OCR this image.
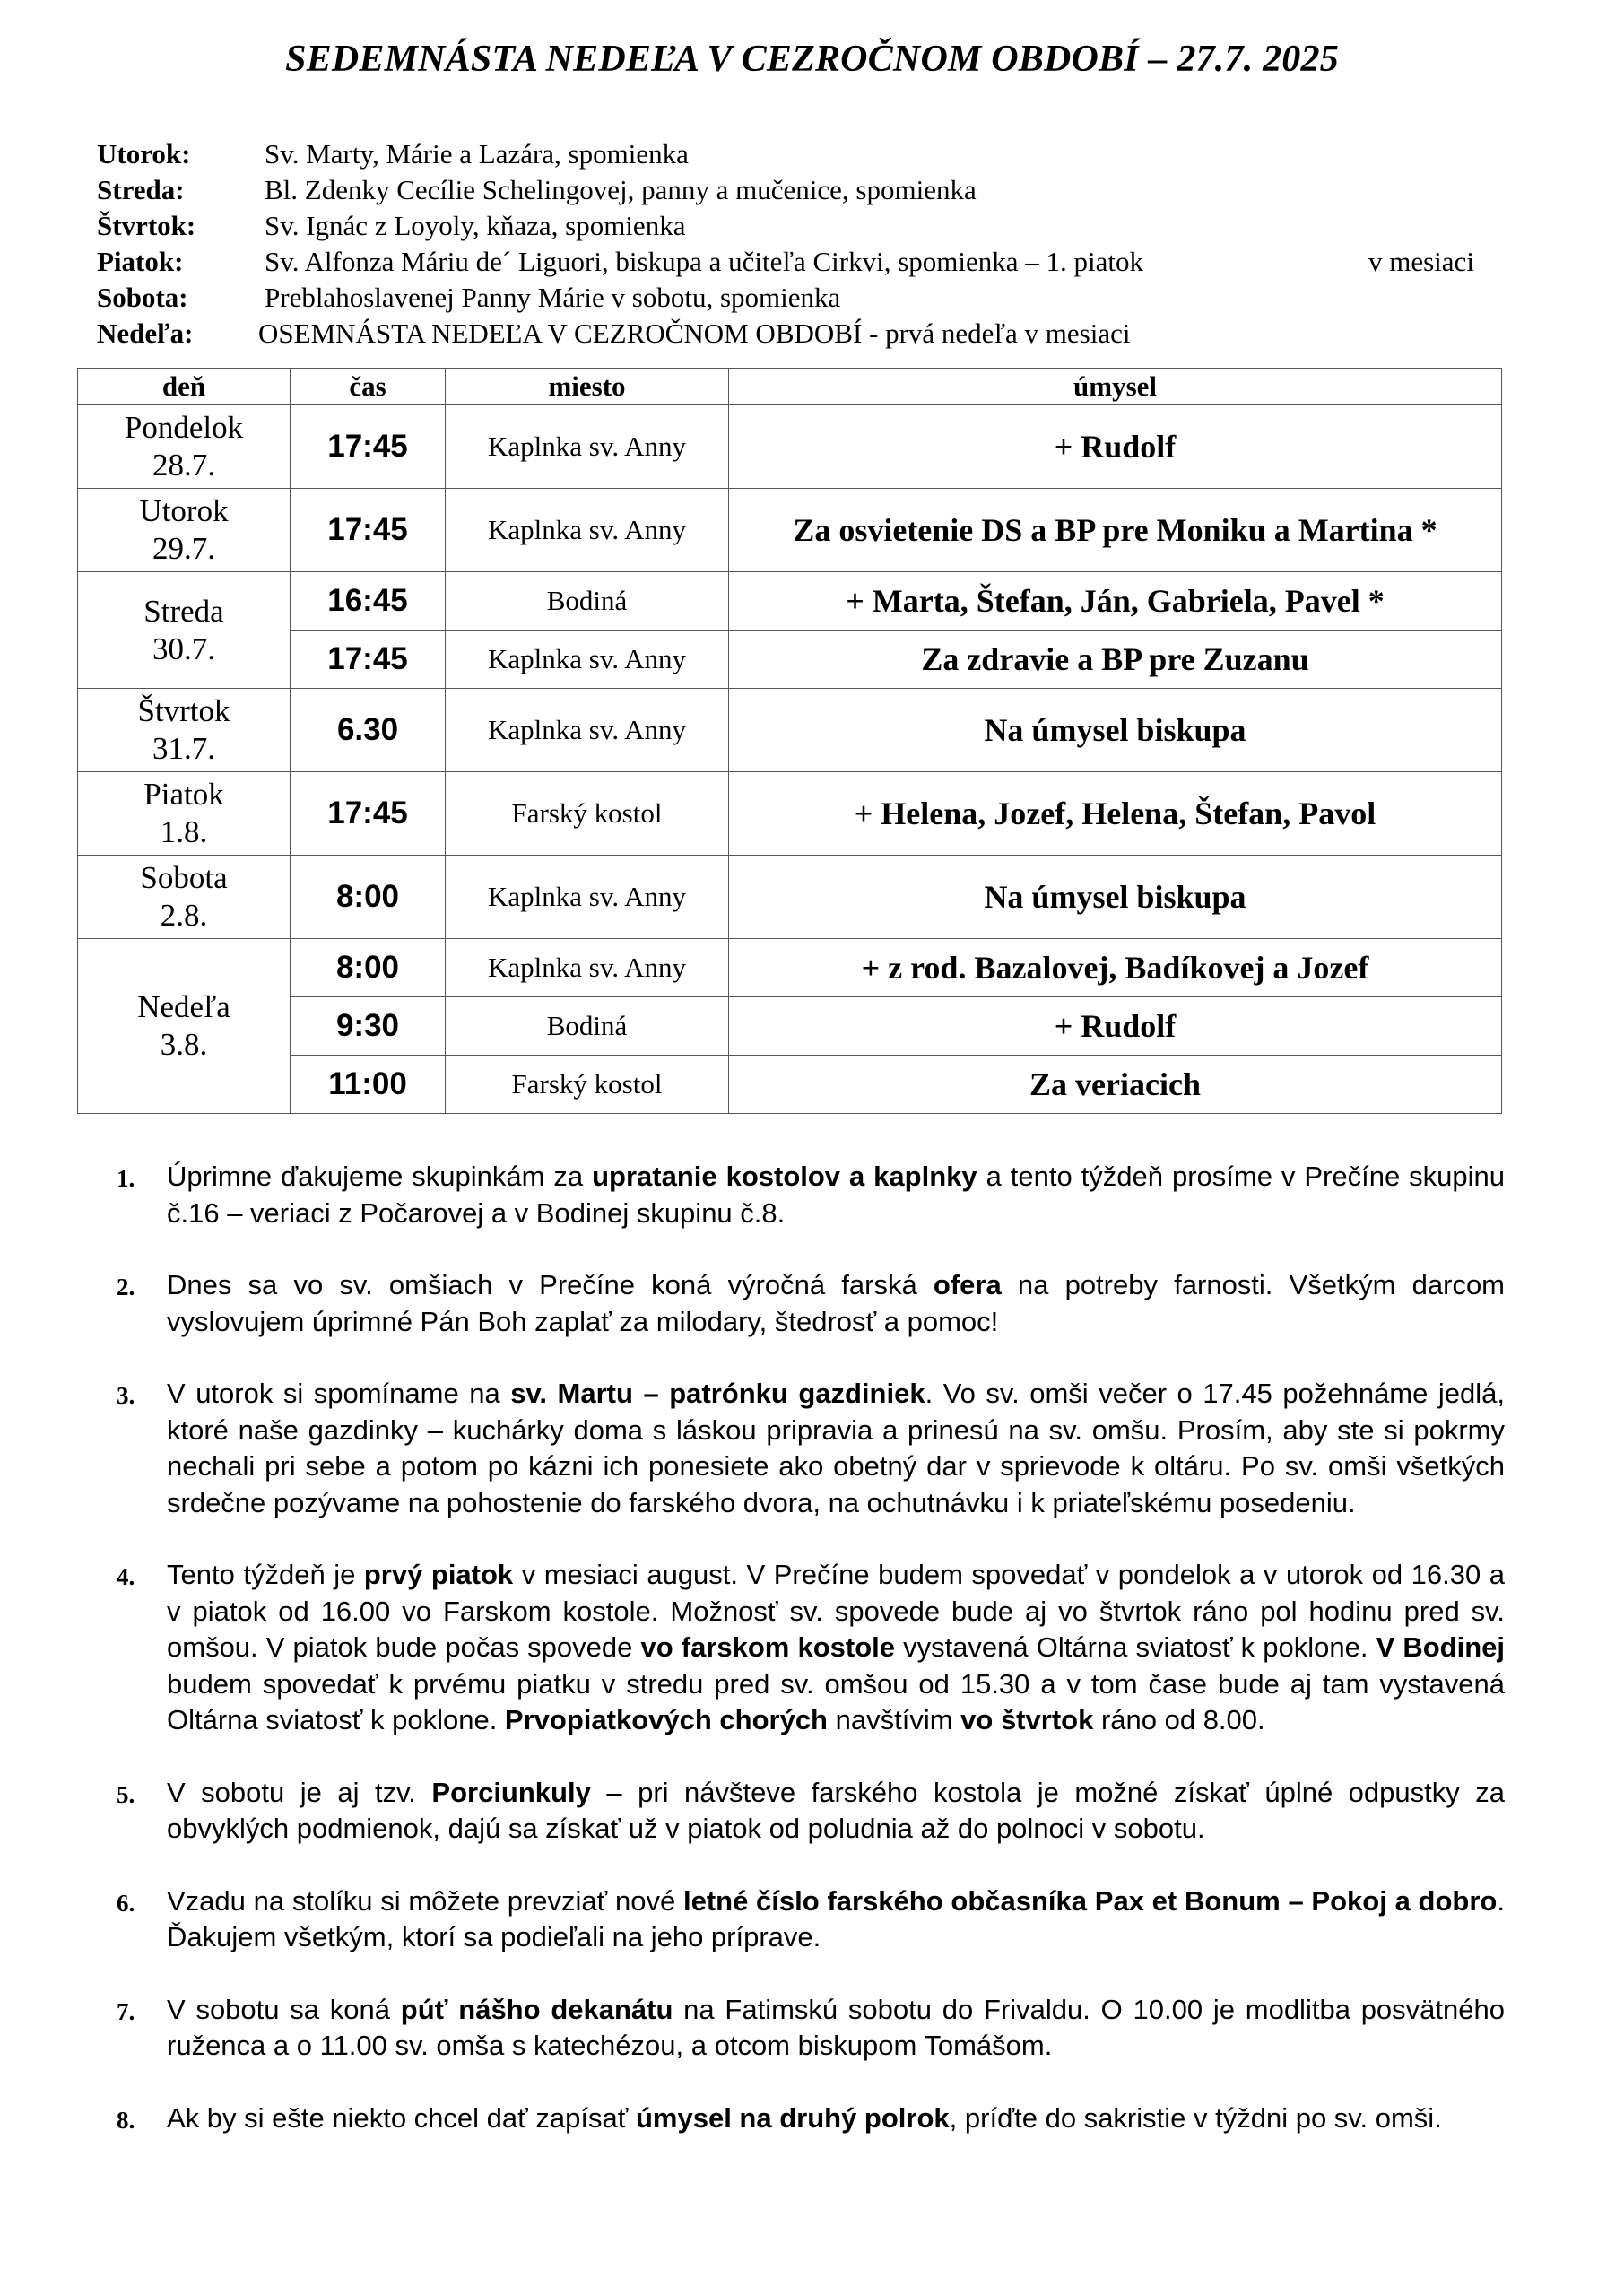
SEDEMNÁSTA NEDEĽA V CEZROČNOM OBDOBÍ – 27.7. 2025
Utorok:	Sv. Marty, Márie a Lazára, spomienka
Streda:	Bl. Zdenky Cecílie Schelingovej, panny a mučenice, spomienka
Štvrtok: Sv. Ignác z Loyoly, kňaza, spomienka
Piatok:	Sv. Alfonza Máriu de´ Liguori, biskupa a učiteľa Cirkvi, spomienka – 1. piatok	v mesiaci
Sobota:	Preblahoslavenej Panny Márie v sobotu, spomienka
Nedeľa: OSEMNÁSTA NEDEĽA V CEZROČNOM OBDOBÍ - prvá nedeľa v mesiaci
deň	čas	miesto	úmysel
Pondelok
28.7.	17:45	Kaplnka sv. Anny	+ Rudolf
Utorok
29.7.	17:45	Kaplnka sv. Anny	Za osvietenie DS a BP pre Moniku a Martina *
Streda
30.7.	16:45	Bodiná	+ Marta, Štefan, Ján, Gabriela, Pavel *
	17:45	Kaplnka sv. Anny	Za zdravie a BP pre Zuzanu
Štvrtok
31.7.	6.30	Kaplnka sv. Anny	Na úmysel biskupa
Piatok
1.8.	17:45	Farský kostol	+ Helena, Jozef, Helena, Štefan, Pavol
Sobota
2.8.	8:00	Kaplnka sv. Anny	Na úmysel biskupa
Nedeľa
3.8.	8:00	Kaplnka sv. Anny	+ z rod. Bazalovej, Badíkovej a Jozef
	9:30	Bodiná	+ Rudolf
	11:00	Farský kostol	Za veriacich
1. Úprimne ďakujeme skupinkám za upratanie kostolov a kaplnky a tento týždeň prosíme v Prečíne skupinu č.16 – veriaci z Počarovej a v Bodinej skupinu č.8.
2. Dnes sa vo sv. omšiach v Prečíne koná výročná farská ofera na potreby farnosti. Všetkým darcom vyslovujem úprimné Pán Boh zaplať za milodary, štedrosť a pomoc!
3. V utorok si spomíname na sv. Martu – patrónku gazdiniek. Vo sv. omši večer o 17.45 požehnáme jedlá, ktoré naše gazdinky – kuchárky doma s láskou pripravia a prinesú na sv. omšu. Prosím, aby ste si pokrmy nechali pri sebe a potom po kázni ich ponesiete ako obetný dar v sprievode k oltáru. Po sv. omši všetkých srdečne pozývame na pohostenie do farského dvora, na ochutnávku i k priateľskému posedeniu.
4. Tento týždeň je prvý piatok v mesiaci august. V Prečíne budem spovedať v pondelok a v utorok od 16.30 a v piatok od 16.00 vo Farskom kostole. Možnosť sv. spovede bude aj vo štvrtok ráno pol hodinu pred sv. omšou. V piatok bude počas spovede vo farskom kostole vystavená Oltárna sviatosť k poklone. V Bodinej budem spovedať k prvému piatku v stredu pred sv. omšou od 15.30 a v tom čase bude aj tam vystavená Oltárna sviatosť k poklone. Prvopiatkových chorých navštívim vo štvrtok ráno od 8.00.
5. V sobotu je aj tzv. Porciunkuly – pri návšteve farského kostola je možné získať úplné odpustky za obvyklých podmienok, dajú sa získať už v piatok od poludnia až do polnoci v sobotu.
6. Vzadu na stolíku si môžete prevziať nové letné číslo farského občasníka Pax et Bonum – Pokoj a dobro. Ďakujem všetkým, ktorí sa podieľali na jeho príprave.
7. V sobotu sa koná púť nášho dekanátu na Fatimskú sobotu do Frivaldu. O 10.00 je modlitba posvätného ruženca a o 11.00 sv. omša s katechézou, a otcom biskupom Tomášom.
8. Ak by si ešte niekto chcel dať zapísať úmysel na druhý polrok, príďte do sakristie v týždni po sv. omši.
